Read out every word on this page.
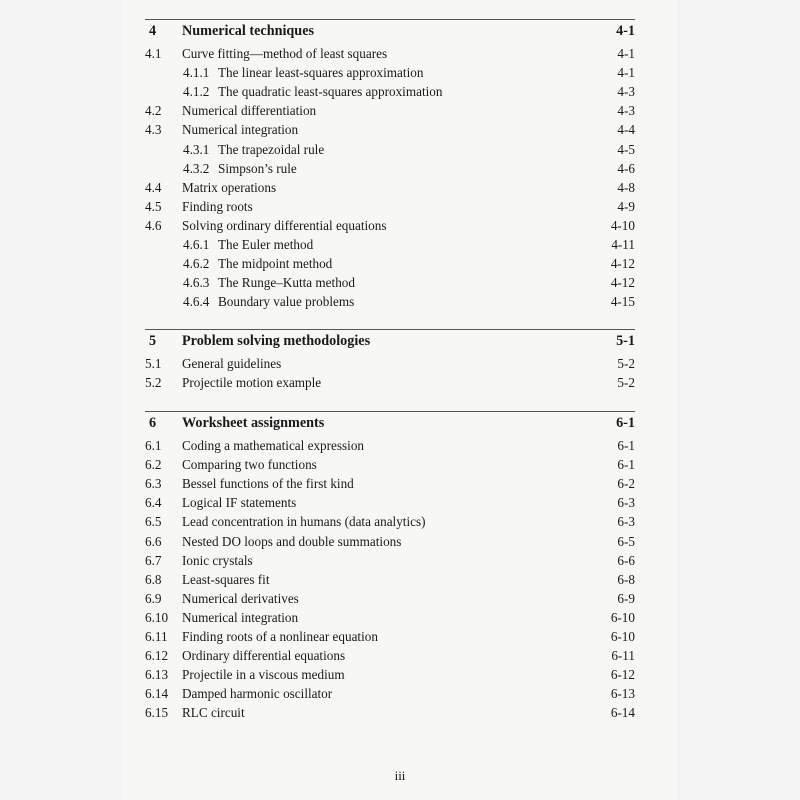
4 Numerical techniques	4-1
4.1 Curve fitting—method of least squares	4-1
4.1.1 The linear least-squares approximation	4-1
4.1.2 The quadratic least-squares approximation	4-3
4.2 Numerical differentiation	4-3
4.3 Numerical integration	4-4
4.3.1 The trapezoidal rule	4-5
4.3.2 Simpson’s rule	4-6
4.4 Matrix operations	4-8
4.5 Finding roots	4-9
4.6 Solving ordinary differential equations	4-10
4.6.1 The Euler method	4-11
4.6.2 The midpoint method	4-12
4.6.3 The Runge–Kutta method	4-12
4.6.4 Boundary value problems	4-15
5 Problem solving methodologies	5-1
5.1 General guidelines	5-2
5.2 Projectile motion example	5-2
6 Worksheet assignments	6-1
6.1 Coding a mathematical expression	6-1
6.2 Comparing two functions	6-1
6.3 Bessel functions of the first kind	6-2
6.4 Logical IF statements	6-3
6.5 Lead concentration in humans (data analytics)	6-3
6.6 Nested DO loops and double summations	6-5
6.7 Ionic crystals	6-6
6.8 Least-squares fit	6-8
6.9 Numerical derivatives	6-9
6.10 Numerical integration	6-10
6.11 Finding roots of a nonlinear equation	6-10
6.12 Ordinary differential equations	6-11
6.13 Projectile in a viscous medium	6-12
6.14 Damped harmonic oscillator	6-13
6.15 RLC circuit	6-14
iii
